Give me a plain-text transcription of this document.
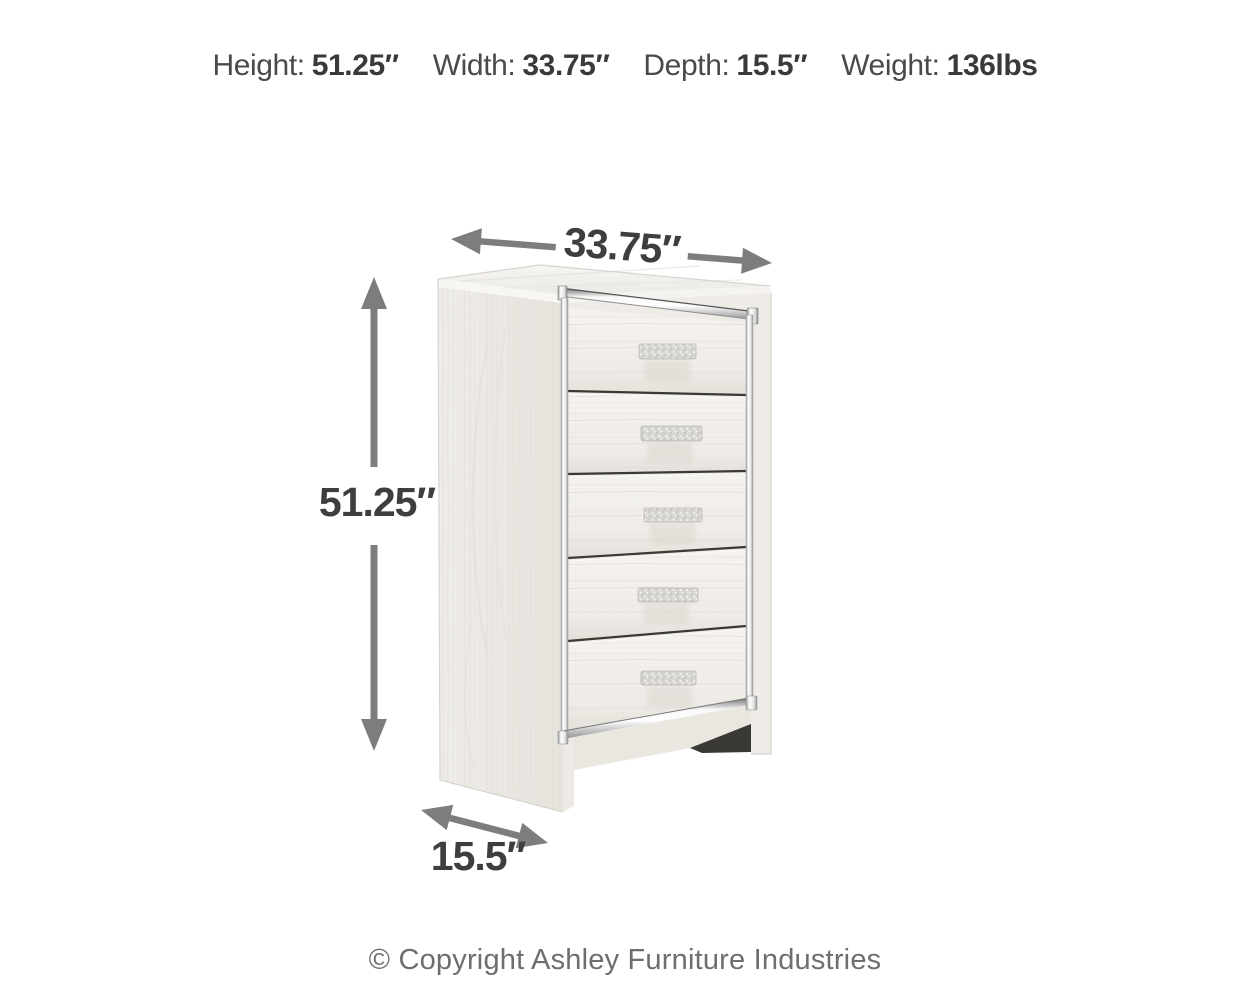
Height: 51.25″ Width: 33.75″ Depth: 15.5″ Weight: 136lbs
33.75″
51.25″
15.5″
© Copyright Ashley Furniture Industries
